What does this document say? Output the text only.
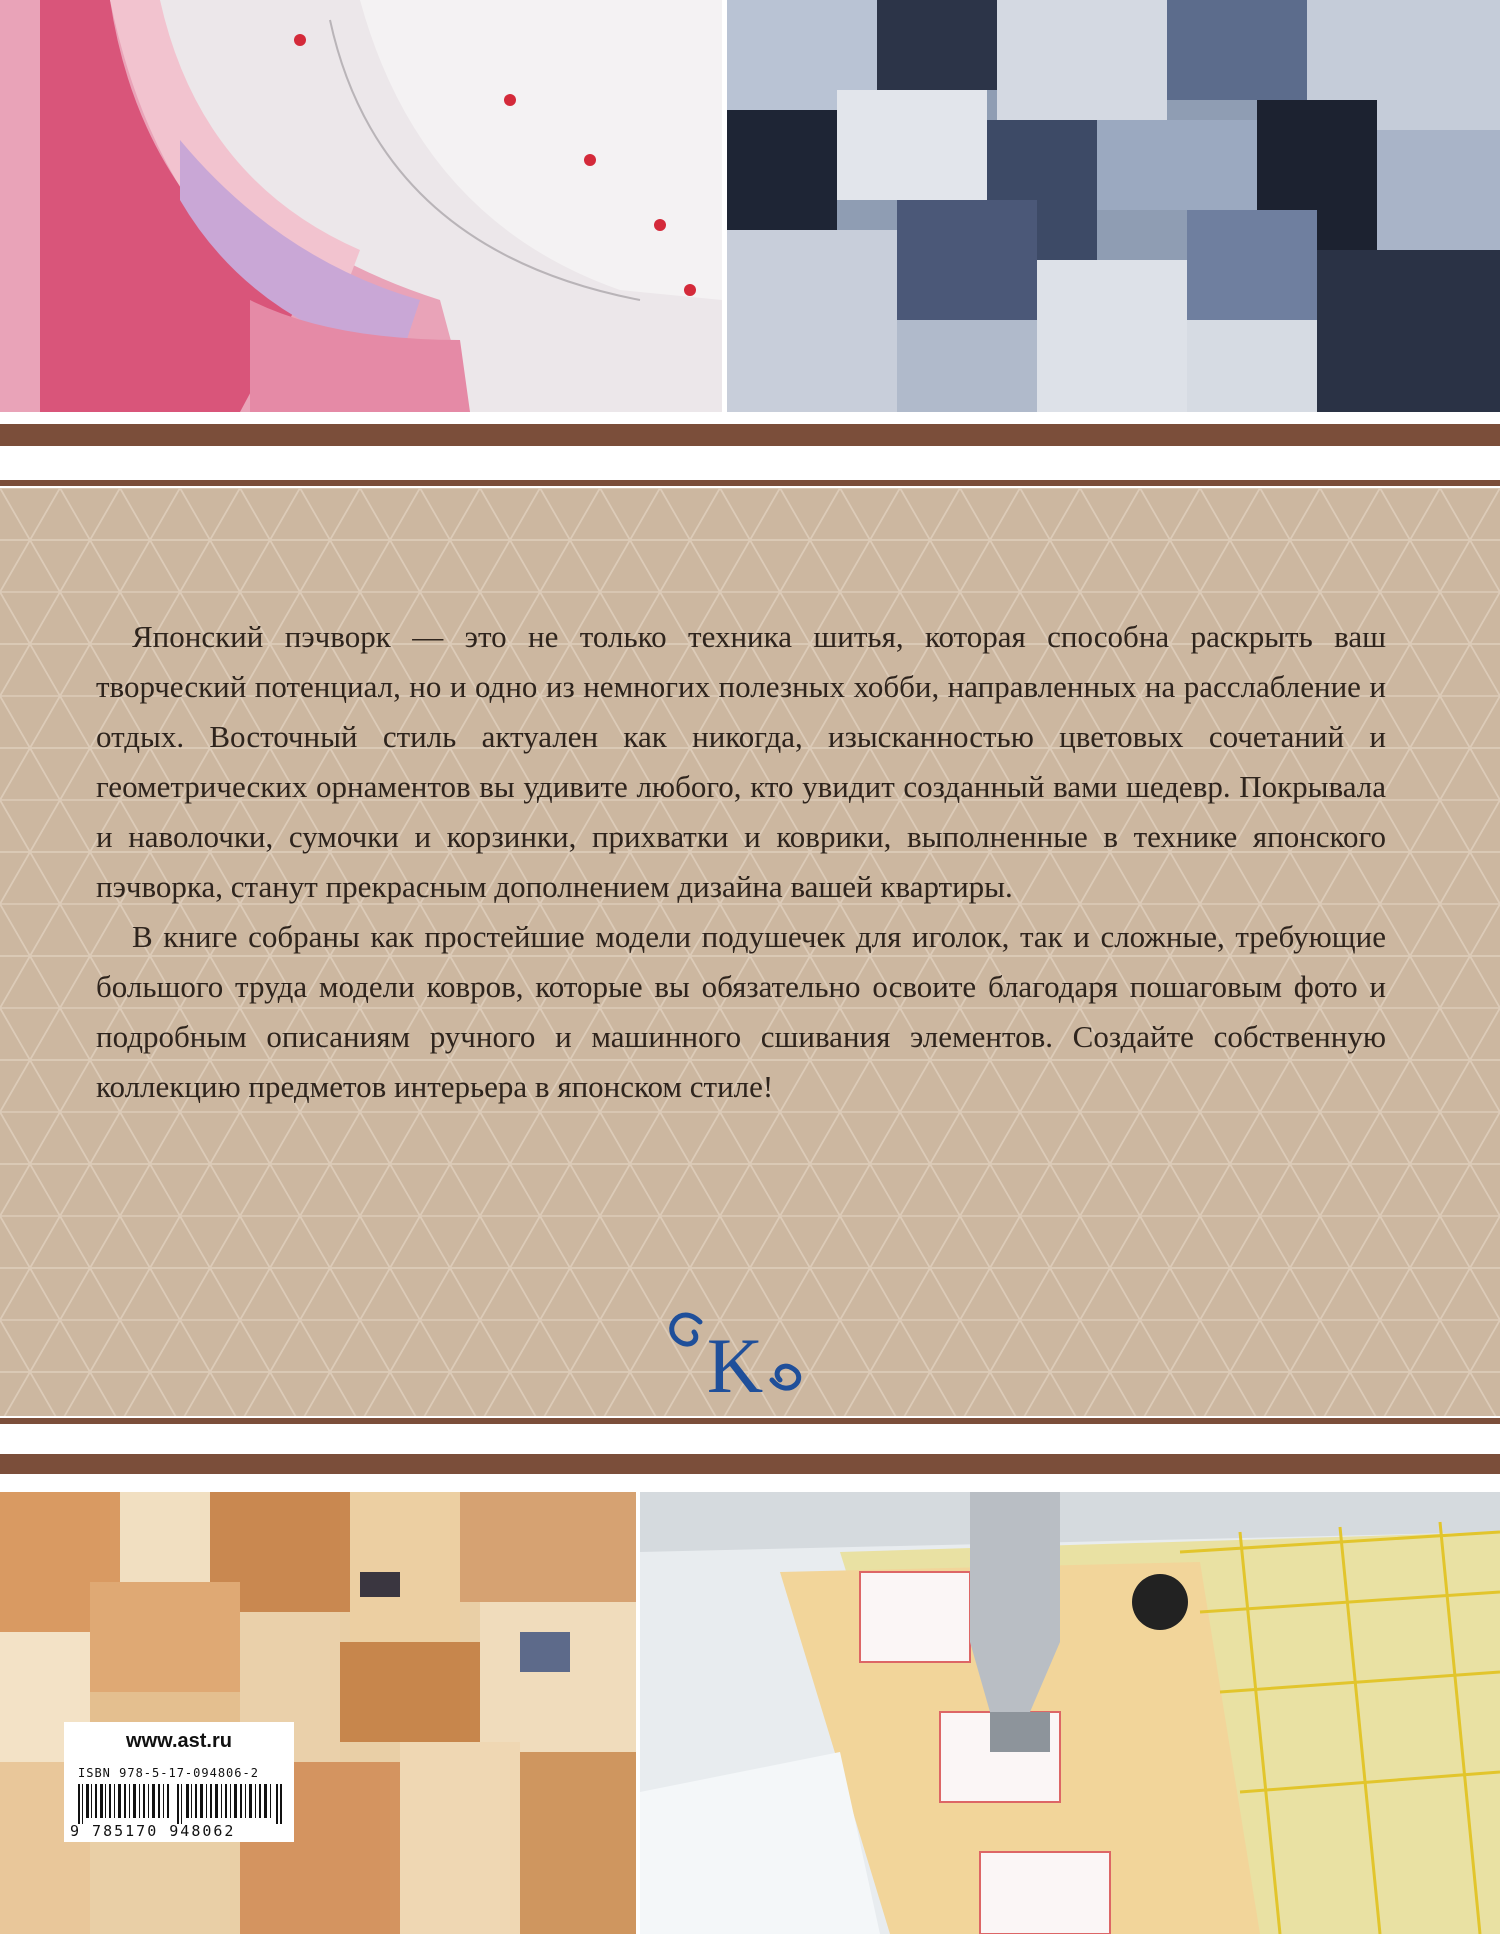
Японский пэчворк — это не только техника шитья, которая способна раскрыть ваш творческий потенциал, но и одно из немногих полезных хобби, направленных на расслабление и отдых. Восточный стиль актуален как никогда, изысканностью цветовых сочетаний и геометрических орнаментов вы удивите любого, кто увидит созданный вами шедевр. Покрывала и наволочки, сумочки и корзинки, прихватки и коврики, выполненные в технике японского пэчворка, станут прекрасным дополнением дизайна вашей квартиры.

В книге собраны как простейшие модели подушечек для иголок, так и сложные, требующие большого труда модели ковров, которые вы обязательно освоите благодаря пошаговым фото и подробным описаниям ручного и машинного сшивания элементов. Создайте собственную коллекцию предметов интерьера в японском стиле!

K
www.ast.ru
ISBN 978-5-17-094806-2
9 785170 948062
